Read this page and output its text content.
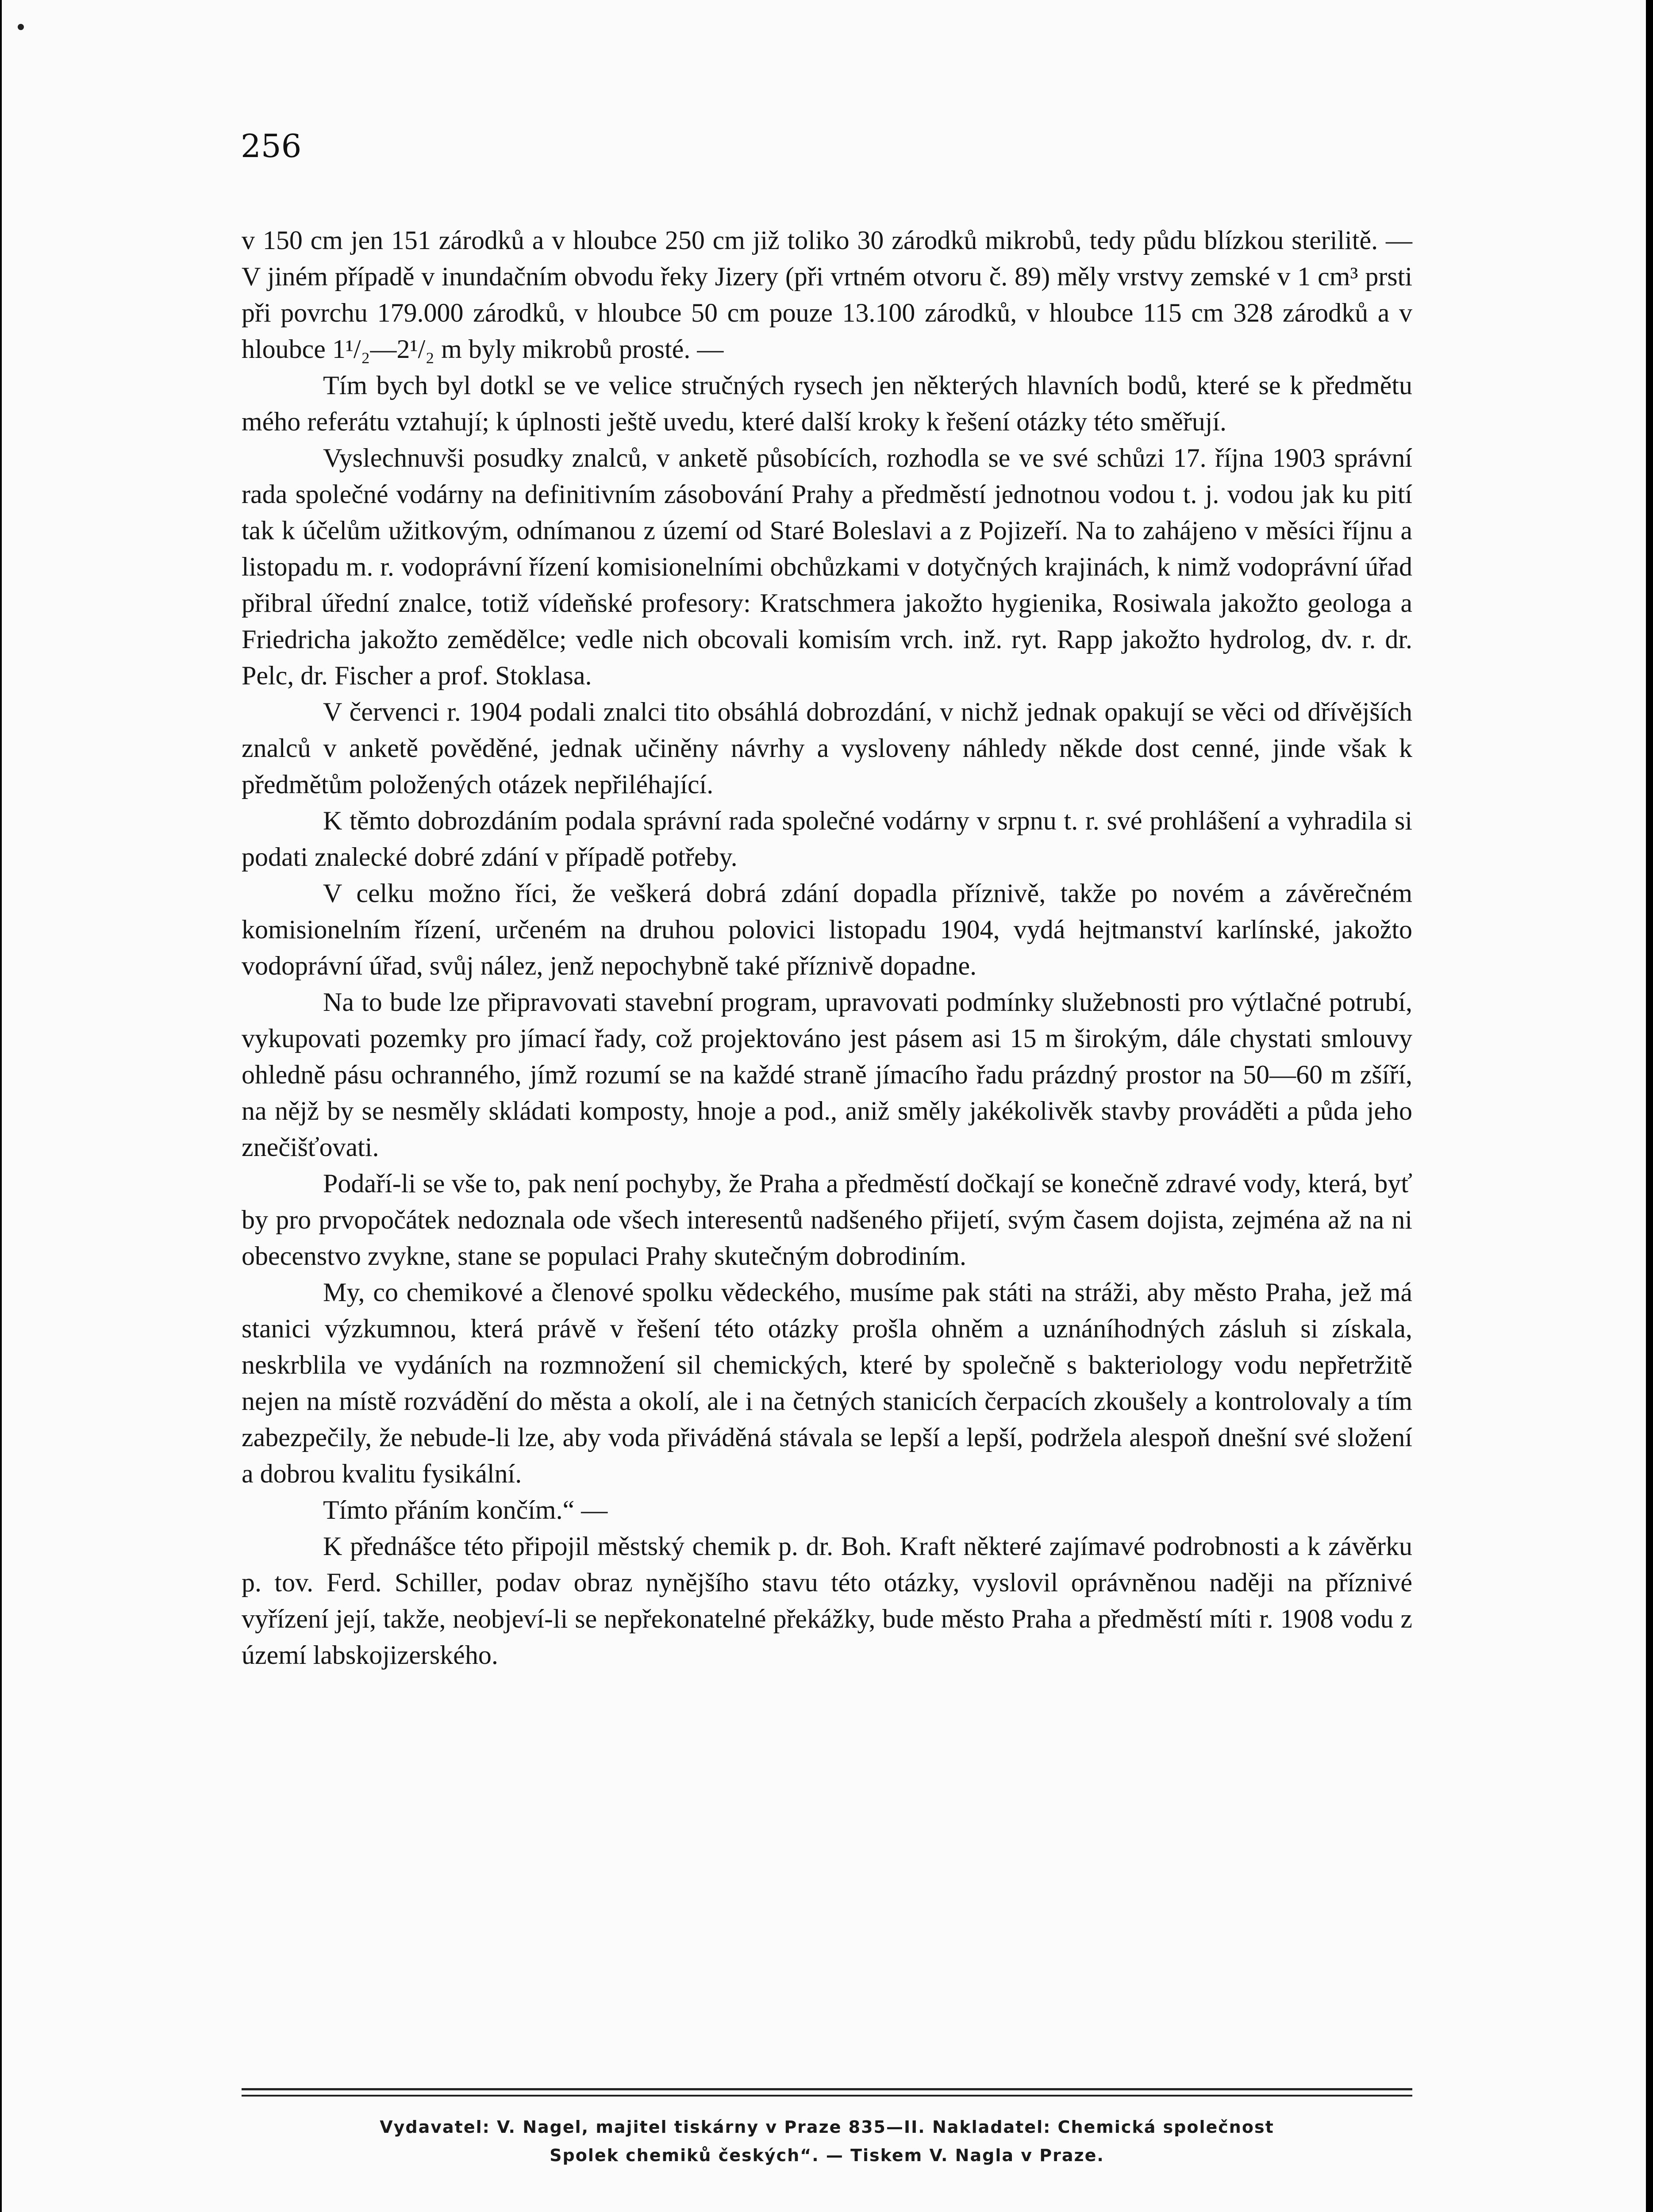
256

v 150 cm jen 151 zárodků a v hloubce 250 cm již toliko 30 zárodků mikrobů, tedy půdu blízkou sterilitě. — V jiném případě v inundačním obvodu řeky Jizery (při vrtném otvoru č. 89) měly vrstvy zemské v 1 cm³ prsti při povrchu 179.000 zárodků, v hloubce 50 cm pouze 13.100 zárodků, v hloubce 115 cm 328 zárodků a v hloubce 1¹/₂—2¹/₂ m byly mikrobů prosté. —

Tím bych byl dotkl se ve velice stručných rysech jen některých hlavních bodů, které se k předmětu mého referátu vztahují; k úplnosti ještě uvedu, které další kroky k řešení otázky této směřují.

Vyslechnuvši posudky znalců, v anketě působících, rozhodla se ve své schůzi 17. října 1903 správní rada společné vodárny na definitivním zásobování Prahy a předměstí jednotnou vodou t. j. vodou jak ku pití tak k účelům užitkovým, odnímanou z území od Staré Boleslavi a z Pojizeří. Na to zahájeno v měsíci říjnu a listopadu m. r. vodoprávní řízení komisionelními obchůzkami v dotyčných krajinách, k nimž vodoprávní úřad přibral úřední znalce, totiž vídeňské profesory: Kratschmera jakožto hygienika, Rosiwala jakožto geologa a Friedricha jakožto zemědělce; vedle nich obcovali komisím vrch. inž. ryt. Rapp jakožto hydrolog, dv. r. dr. Pelc, dr. Fischer a prof. Stoklasa.

V červenci r. 1904 podali znalci tito obsáhlá dobrozdání, v nichž jednak opakují se věci od dřívějších znalců v anketě pověděné, jednak učiněny návrhy a vysloveny náhledy někde dost cenné, jinde však k předmětům položených otázek nepřiléhající.

K těmto dobrozdáním podala správní rada společné vodárny v srpnu t. r. své prohlášení a vyhradila si podati znalecké dobré zdání v případě potřeby.

V celku možno říci, že veškerá dobrá zdání dopadla příznivě, takže po novém a závěrečném komisionelním řízení, určeném na druhou polovici listopadu 1904, vydá hejtmanství karlínské, jakožto vodoprávní úřad, svůj nález, jenž nepochybně také příznivě dopadne.

Na to bude lze připravovati stavební program, upravovati podmínky služebnosti pro výtlačné potrubí, vykupovati pozemky pro jímací řady, což projektováno jest pásem asi 15 m širokým, dále chystati smlouvy ohledně pásu ochranného, jímž rozumí se na každé straně jímacího řadu prázdný prostor na 50—60 m zšíří, na nějž by se nesměly skládati komposty, hnoje a pod., aniž směly jakékolivěk stavby prováděti a půda jeho znečišťovati.

Podaří-li se vše to, pak není pochyby, že Praha a předměstí dočkají se konečně zdravé vody, která, byť by pro prvopočátek nedoznala ode všech interesentů nadšeného přijetí, svým časem dojista, zejména až na ni obecenstvo zvykne, stane se populaci Prahy skutečným dobrodiním.

My, co chemikové a členové spolku vědeckého, musíme pak státi na stráži, aby město Praha, jež má stanici výzkumnou, která právě v řešení této otázky prošla ohněm a uznáníhodných zásluh si získala, neskrblila ve vydáních na rozmnožení sil chemických, které by společně s bakteriology vodu nepřetržitě nejen na místě rozvádění do města a okolí, ale i na četných stanicích čerpacích zkoušely a kontrolovaly a tím zabezpečily, že nebude-li lze, aby voda přiváděná stávala se lepší a lepší, podržela alespoň dnešní své složení a dobrou kvalitu fysikální.

Tímto přáním končím.“ —

K přednášce této připojil městský chemik p. dr. Boh. Kraft některé zajímavé podrobnosti a k závěrku p. tov. Ferd. Schiller, podav obraz nynějšího stavu této otázky, vyslovil oprávněnou naději na příznivé vyřízení její, takže, neobjeví-li se nepřekonatelné překážky, bude město Praha a předměstí míti r. 1908 vodu z území labskojizerského.

Vydavatel: V. Nagel, majitel tiskárny v Praze 835—II. Nakladatel: Chemická společnost
Spolek chemiků českých“. — Tiskem V. Nagla v Praze.
